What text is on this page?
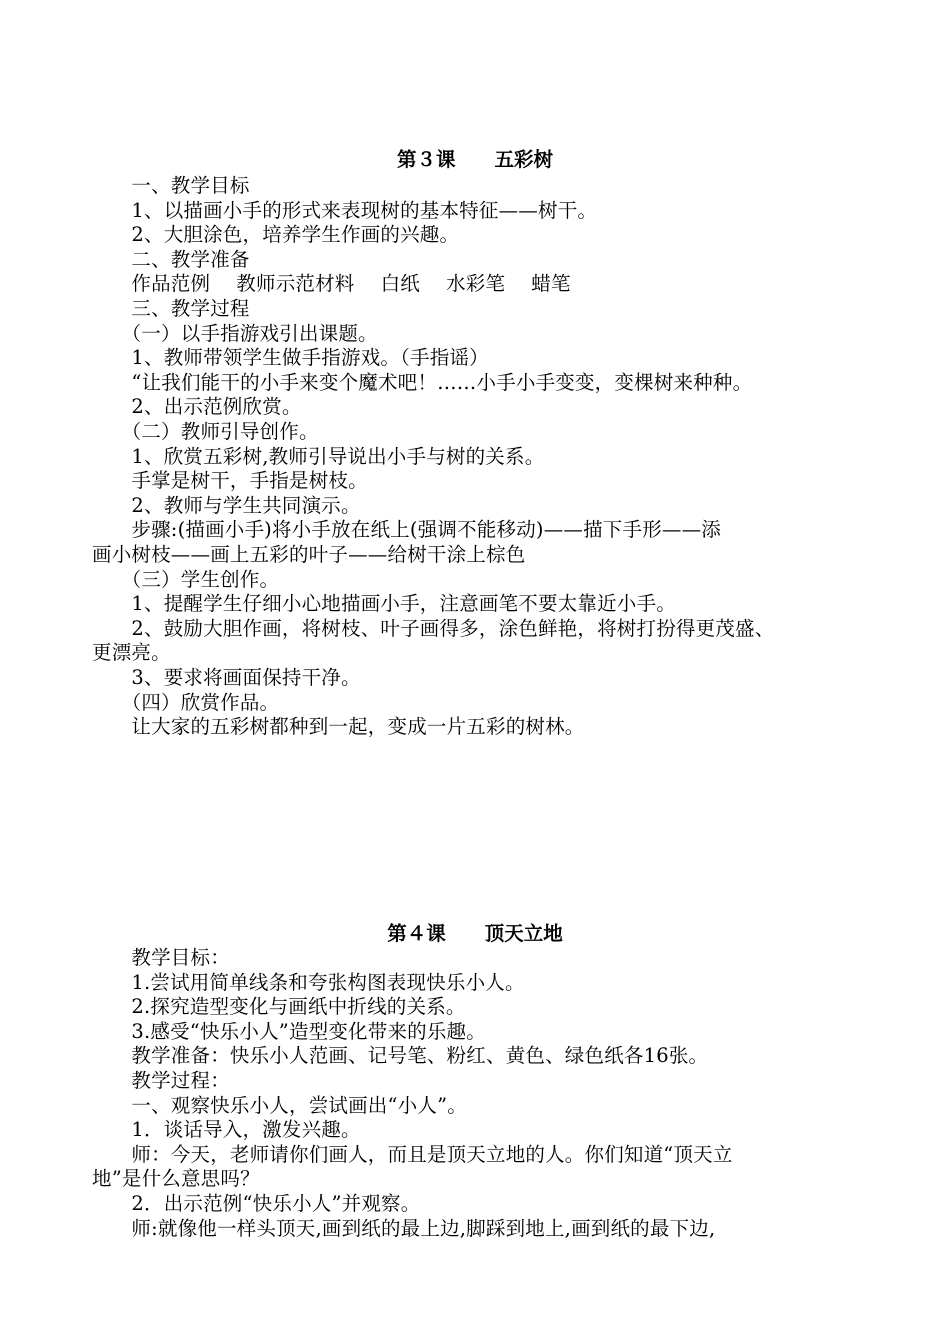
第３课　　五彩树
　　一、教学目标
　　1、以描画小手的形式来表现树的基本特征——树干。
　　2、大胆涂色，培养学生作画的兴趣。
　　二、教学准备
　　作品范例　 教师示范材料　 白纸　 水彩笔　 蜡笔
　　三、教学过程
　　（一）以手指游戏引出课题。
　　1、教师带领学生做手指游戏。（手指谣）
　　“让我们能干的小手来变个魔术吧！……小手小手变变，变棵树来种种。
　　2、出示范例欣赏。
　　（二）教师引导创作。
　　1、欣赏五彩树,教师引导说出小手与树的关系。
　　手掌是树干，手指是树枝。
　　2、教师与学生共同演示。
　　步骤:(描画小手)将小手放在纸上(强调不能移动)——描下手形——添
画小树枝——画上五彩的叶子——给树干涂上棕色
　　（三）学生创作。
　　1、提醒学生仔细小心地描画小手，注意画笔不要太靠近小手。
　　2、鼓励大胆作画，将树枝、叶子画得多，涂色鲜艳，将树打扮得更茂盛、
更漂亮。
　　3、要求将画面保持干净。
　　（四）欣赏作品。
　　让大家的五彩树都种到一起，变成一片五彩的树林。
第４课　　顶天立地
　　教学目标：
　　1.尝试用简单线条和夸张构图表现快乐小人。
　　2.探究造型变化与画纸中折线的关系。
　　3.感受“快乐小人”造型变化带来的乐趣。
　　教学准备：快乐小人范画、记号笔、粉红、黄色、绿色纸各16张。
　　教学过程：
　　一、观察快乐小人，尝试画出“小人”。
　　1．谈话导入，激发兴趣。
　　师：今天，老师请你们画人，而且是顶天立地的人。你们知道“顶天立
地”是什么意思吗？
　　2．出示范例“快乐小人”并观察。
　　师:就像他一样头顶天,画到纸的最上边,脚踩到地上,画到纸的最下边,
